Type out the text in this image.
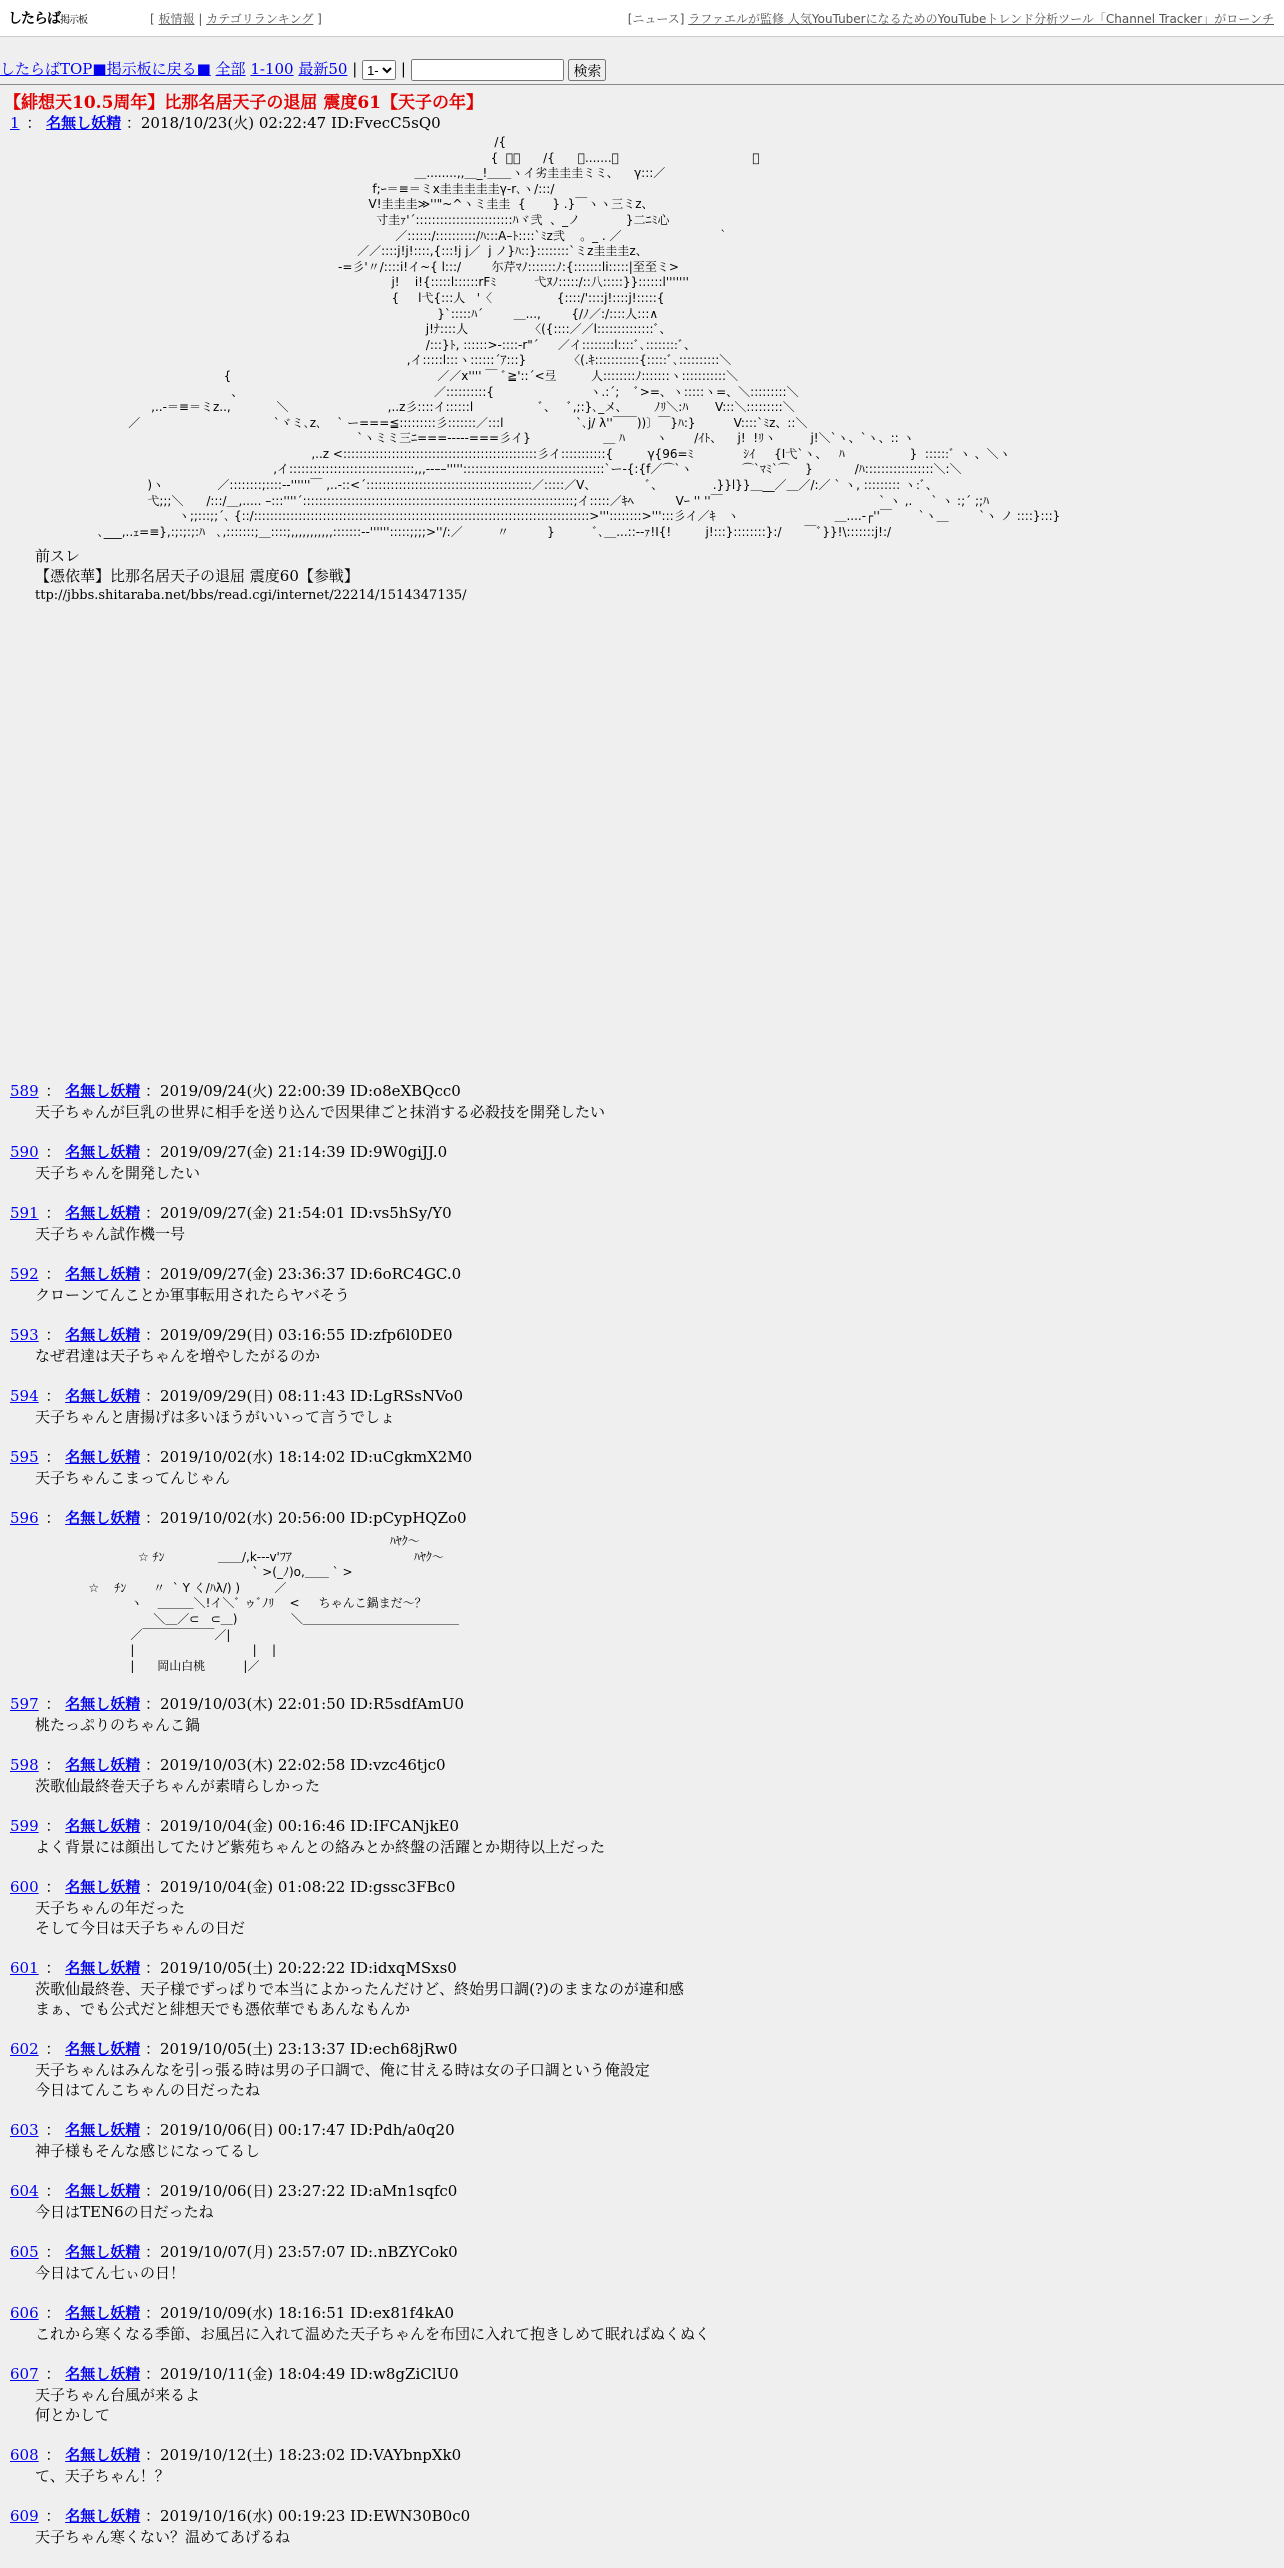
したらば掲示板	[ 板情報 | カテゴリランキング ]	[ニュース] ラファエルが監修 人気YouTuberになるためのYouTubeトレンド分析ツール「Channel Tracker」がローンチ
したらばTOP■掲示板に戻る■ 全部 1-100 最新50 |
1- |	検索
【緋想天10.5周年】比那名居天子の退屈 震度61【天子の年】
1 ： 名無し妖精 ：2018/10/23(火) 02:22:47 ID:FvecC5sQ0
/{
{  ﾞ､      /{      ＿.......＿                                   ＿
＿........,,＿_!＿＿ヽイ劣圭圭圭ミミ、    γ:::／
f;ｰ＝≡＝ミx圭圭圭圭圭γ-r､ヽ/:::/
V!圭圭圭≫''"~^ヽミ圭圭  {       } .}￣ヽヽ三ミz、
寸圭ｧ'´::::::::::::::::::::::::ﾊヾ弐  、_ノ            }二ﾆﾐ心
／::::::/::::::::::/ﾊ:::A–ﾄ::::`ﾐz弐    。_ . ／                         ｀
／／::::j!j!::::,{:::!j j／  j ノ}ﾊ::}::::::::`ミz圭圭圭z、
-=彡'〃/::::i!イ~{ l:::/        尓芹ﾏﾉ:::::::ﾉ:{:::::::li:::::|至至ミ>
j!    i!{:::::l::::::rFﾐ          弋ﾇﾉ:::::/::八:::::}}::::::l'''''''
{     l弋{:::人   '〈                 {::::/'::::j!::::j!:::::{
}`:::::ﾊ´        ＿...,        {/ﾉ／:/::::人:::∧
j!ﾅ::::人                〈({::::／／l::::::::::::::ﾞ、
/:::}ﾄ, ::::::>-::::-r"´     ／イ::::::::l::::ﾞ､::::::::ﾞ、
,イ:::::l:::ヽ::::::´ｱ:::}           〈(.ｷ:::::::::::{:::::ﾞ､::::::::::＼
{                                                      ／／x'''' ￣ ﾞ≧'::´<弖         人::::::::ﾉ:::::::ヽ:::::::::::＼
、                                                  ／::::::::::{                         ヽ.:´;    ﾞ>=、ヽ:::::ヽ=、＼:::::::::＼
,..-＝≡＝ミz..,            ＼                          ,..z彡::::イ::::::l                 ﾞ、   ﾞ,;:}､_メ、       ﾉﾘ＼:ﾊ       V:::＼:::::::::＼
／                                   `ヾミ､z､    ` ー===≦:::::::::彡:::::::／:::l                   `､j/ λ''￣￣))〕￣}ﾊ:}          V::::`ﾐz、::＼
`ヽミミ三ﾆ===-----===彡イ}                   ＿ ﾊ        ヽ       /ｲﾄ、    j!  !ﾘヽ         j!＼`ヽ、`ヽ、:: ヽ
,..z <::::::::::::::::::::::::::::::::::::::::::::::::彡イ:::::::::::{         γ{96=ﾐ             ｼｲ     {I弋`ヽ、   ﾊ                 }  ::::::ﾞ ヽ 、＼ヽ
,イ:::::::::::::::::::::::::::::::,,,--––''''':::::::::::::::::::::::::::::::::::`ー-{:{f／⌒`ヽ             ⌒`ﾏﾐ`⌒    }           /ﾊ:::::::::::::::::＼:＼
)ヽ              ／::::::::;::::--''''''￣ ,..-::<´:::::::::::::::::::::::::::::::::::::::::／:::::／V、             ﾞ、             .}}l}}＿__／＿／/:／ ` ヽ, ::::::::: ヽ:ﾞ、
弋;;;＼      /:::/＿,..... –:::''''´:::::::::::::::::::::::::::::::::::::::::::::::::::::::::::::::::::;イ:::::／ｷﾍ           Vｰ '' ''￣                                         ` ヽ ,.     ` ヽ :;´ ;;ﾊ
ヽ;;:::;;´､ {::/:::::::::::::::::::::::::::::::::::::::::::::::::::::::::::::::::::::::::::::::::::>'''::::::::>''':::彡イ／ｷ   ヽ                         ＿....-┌''￣       `ヽ＿        `ヽ ノ ::::}:::}
､___,..ｪ=≡},:;:;:;:ﾊ   ､,:::::::;＿::::;,,,,,,,,,,,:::::::--'''''':::::;;;;>''/:／         〃          }          ﾞ､＿...::--ｧ!I{!         j!:::}::::::::}:/      ￣ﾞ}}!\:::::::j!:/
前スレ
【憑依華】比那名居天子の退屈 震度60【参戦】
ttp://jbbs.shitaraba.net/bbs/read.cgi/internet/22214/1514347135/
589 ： 名無し妖精 ：2019/09/24(火) 22:00:39 ID:o8eXBQcc0
天子ちゃんが巨乳の世界に相手を送り込んで因果律ごと抹消する必殺技を開発したい
590 ： 名無し妖精 ：2019/09/27(金) 21:14:39 ID:9W0giJJ.0
天子ちゃんを開発したい
591 ： 名無し妖精 ：2019/09/27(金) 21:54:01 ID:vs5hSy/Y0
天子ちゃん試作機一号
592 ： 名無し妖精 ：2019/09/27(金) 23:36:37 ID:6oRC4GC.0
クローンてんことか軍事転用されたらヤバそう
593 ： 名無し妖精 ：2019/09/29(日) 03:16:55 ID:zfp6l0DE0
なぜ君達は天子ちゃんを増やしたがるのか
594 ： 名無し妖精 ：2019/09/29(日) 08:11:43 ID:LgRSsNVo0
天子ちゃんと唐揚げは多いほうがいいって言うでしょ
595 ： 名無し妖精 ：2019/10/02(水) 18:14:02 ID:uCgkmX2M0
天子ちゃんこまってんじゃん
596 ： 名無し妖精 ：2019/10/02(水) 20:56:00 ID:pCypHQZo0
ﾊﾔｸ〜
☆ ﾁﾝ              ＿＿/,k---v'ﾌｱ                                ﾊﾔｸ〜
` >(_ﾉ)o,＿＿ ` >
☆    ﾁﾝ       〃  ` Y く/ﾊλ/) )         ／
ヽ    ＿＿＿＼!イ＼ﾞ ゥﾞﾉﾘ    <     ちゃんこ鍋まだ～？
＼＿／⊂   ⊂＿)              ＼＿＿＿＿＿＿＿＿＿＿＿＿＿
／￣￣￣￣￣￣／|
|                               |    |
|      岡山白桃          |／
597 ： 名無し妖精 ：2019/10/03(木) 22:01:50 ID:R5sdfAmU0
桃たっぷりのちゃんこ鍋
598 ： 名無し妖精 ：2019/10/03(木) 22:02:58 ID:vzc46tjc0
茨歌仙最終巻天子ちゃんが素晴らしかった
599 ： 名無し妖精 ：2019/10/04(金) 00:16:46 ID:IFCANjkE0
よく背景には顔出してたけど紫苑ちゃんとの絡みとか終盤の活躍とか期待以上だった
600 ： 名無し妖精 ：2019/10/04(金) 01:08:22 ID:gssc3FBc0
天子ちゃんの年だった
そして今日は天子ちゃんの日だ
601 ： 名無し妖精 ：2019/10/05(土) 20:22:22 ID:idxqMSxs0
茨歌仙最終巻、天子様でずっぱりで本当によかったんだけど、終始男口調(?)のままなのが違和感
まぁ、でも公式だと緋想天でも憑依華でもあんなもんか
602 ： 名無し妖精 ：2019/10/05(土) 23:13:37 ID:ech68jRw0
天子ちゃんはみんなを引っ張る時は男の子口調で、俺に甘える時は女の子口調という俺設定
今日はてんこちゃんの日だったね
603 ： 名無し妖精 ：2019/10/06(日) 00:17:47 ID:Pdh/a0q20
神子様もそんな感じになってるし
604 ： 名無し妖精 ：2019/10/06(日) 23:27:22 ID:aMn1sqfc0
今日はTEN6の日だったね
605 ： 名無し妖精 ：2019/10/07(月) 23:57:07 ID:.nBZYCok0
今日はてん七ぃの日！
606 ： 名無し妖精 ：2019/10/09(水) 18:16:51 ID:ex81f4kA0
これから寒くなる季節、お風呂に入れて温めた天子ちゃんを布団に入れて抱きしめて眠ればぬくぬく
607 ： 名無し妖精 ：2019/10/11(金) 18:04:49 ID:w8gZiClU0
天子ちゃん台風が来るよ
何とかして
608 ： 名無し妖精 ：2019/10/12(土) 18:23:02 ID:VAYbnpXk0
て、天子ちゃん！？
609 ： 名無し妖精 ：2019/10/16(水) 00:19:23 ID:EWN30B0c0
天子ちゃん寒くない？温めてあげるね
